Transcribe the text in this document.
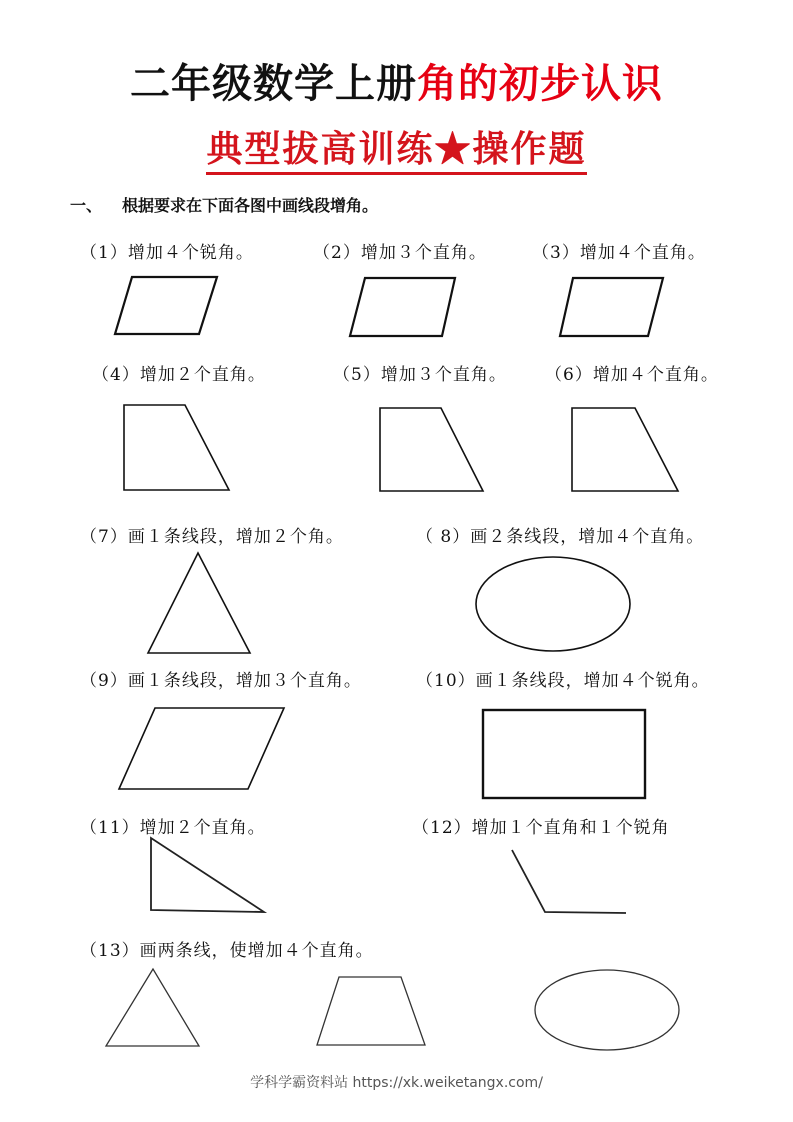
二年级数学上册角的初步认识
典型拔高训练★操作题
一、 根据要求在下面各图中画线段增角。
（1）增加４个锐角。	（2）增加３个直角。	（3）增加４个直角。
（4）增加２个直角。	（5）增加３个直角。 （6）增加４个直角。
（7）画１条线段，增加２个角。	（ 8）画２条线段，增加４个直角。
（9）画１条线段，增加３个直角。	（10）画１条线段，增加４个锐角。
（11）增加２个直角。	（12）增加１个直角和１个锐角
（13）画两条线，使增加４个直角。
学科学霸资料站 https://xk.weiketangx.com/
